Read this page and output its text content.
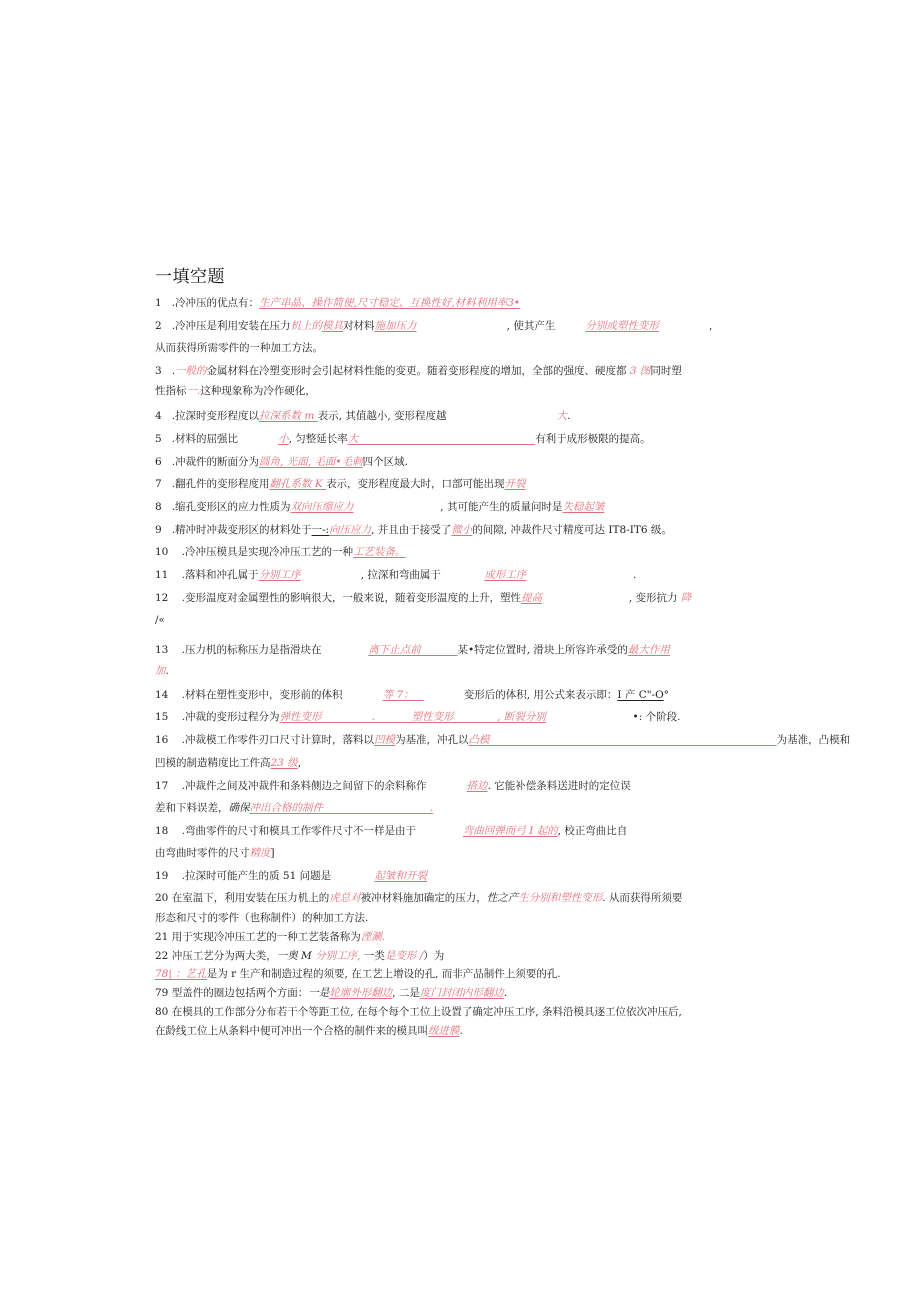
一填空题
1   .冷冲压的优点有：生产串晶、操作简便,尺寸稳定、互换性好,材料利用率3•
2   .冷冲压是利用安装在压力机上的模具对材料施加压力                           , 使其产生         分别或塑性变形               ,
从而获得所需零件的一种加工方法。
3   .一般的金属材料在冷塑变形时会引起材料性能的变更。随着变形程度的增加，全部的强度、硬度都 3 图同时塑
性指标一.这种现象称为冷作硬化，
4   .拉深时变形程度以拉深系数 m 表示, 其值越小, 变形程度越                                 大.
5   .材料的屈强比            小, 匀整延长率大                                                     有利于成形极限的提高。
6   .冲裁件的断面分为圆角, 光面, 毛面•毛刺四个区域.
7   .翻孔件的变形程度用翻孔系数 K 表示，变形程度最大时，口部可能出现开裂
8   .缩孔变形区的应力性质为双向压缩应力                          , 其可能产生的质量问时是失稳起皱
9   .精冲时冲裁变形区的材料处于一-:向压应力, 并且由于接受了微小的间隙, 冲裁件尺寸精度可达 IT8-IT6 级。
10    .冷冲压模具是实现冷冲压工艺的一种工艺装备。
11    .落料和冲孔属于分别工序                  , 拉深和弯曲属于             成形工序                                .
12    .变形温度对金属塑性的影响很大，一般来说，随着变形温度的上升，塑性提高                          , 变形抗力 降
/«
13    .压力机的标称压力是指滑块在              离下止点前           某•特定位置时, 滑块上所容许承受的最大作用
加.
14    .材料在塑性变形中，变形前的体积            等 7：               变形后的体积, 用公式来表示即：I 产 C"-O°
15    .冲裁的变形过程分为弹性变形               .           塑性变形             , 断裂分别                          •: 个阶段.
16    .冲裁模工作零件刃口尺寸计算时，落料以凹模为基准，冲孔以凸模                                                                                      为基准，凸模和
凹模的制造精度比工件高23 级,
17    .冲裁件之间及冲裁件和条料侧边之间留下的余料称作            搭边. 它能补偿条料送进时的定位误
差和下料误差，确保冲出合格的制件                                .
18    .弯曲零件的尺寸和模具工作零件尺寸不一样是由于              弯曲回弹而弓 I 起的, 校正弯曲比自
由弯曲时零件的尺寸精度]
19    .拉深时可能产生的质 51 问题是             起皱和开裂
20 在室温下，利用安装在压力机上的虎总对被冲材料施加确定的压力，性之产生分别和塑性变形. 从而获得所须要
形态和尺寸的零件（也称制件）的种加工方法.
21 用于实现冷冲压工艺的一种工艺装备称为湮涮.
22 冲压工艺分为两大类，一奥 M 分别工序, 一类是变形 /）为
78| ：艺孔是为 r 生产和制造过程的须要, 在工艺上增设的孔, 而非产品制件上须要的孔.
79 型盖件的圈边包括两个方面：一是轮廓外形翻边, 二是度门封闭内形翻边.
80 在模具的工作部分分布若干个等距工位, 在每个每个工位上设置了确定冲压工序, 条料沿模具逐工位依次冲压后,
在龄线工位上从条料中便可冲出一个合格的制件来的模具叫级进膜.
